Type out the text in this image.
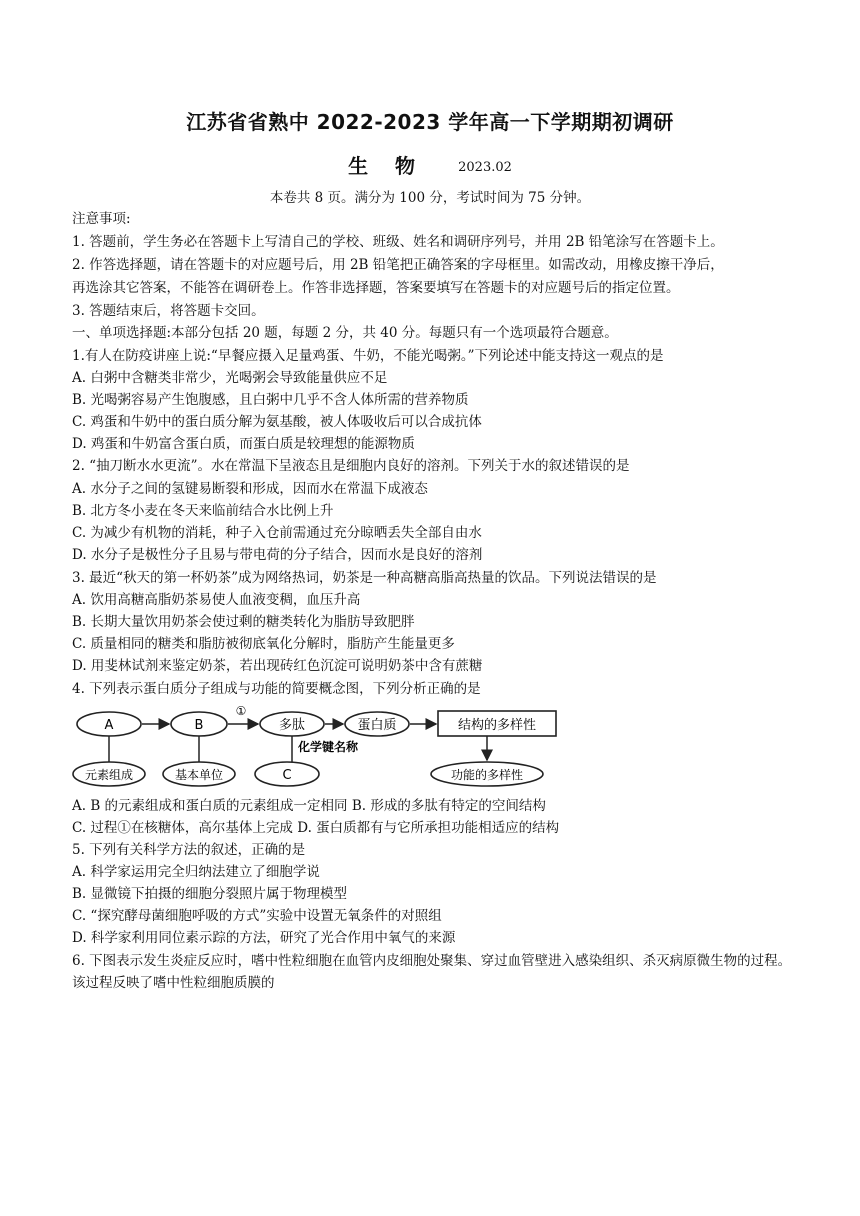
江苏省省熟中 2022-2023 学年高一下学期期初调研
生 物	2023.02
本卷共 8 页。满分为 100 分，考试时间为 75 分钟。
注意事项:
1. 答题前，学生务必在答题卡上写清自己的学校、班级、姓名和调研序列号，并用 2B 铅笔涂写在答题卡上。
2. 作答选择题，请在答题卡的对应题号后，用 2B 铅笔把正确答案的字母框里。如需改动，用橡皮擦干净后，
再选涂其它答案，不能答在调研卷上。作答非选择题，答案要填写在答题卡的对应题号后的指定位置。
3. 答题结束后，将答题卡交回。
一、单项选择题:本部分包括 20 题，每题 2 分，共 40 分。每题只有一个选项最符合题意。
1.有人在防疫讲座上说:“早餐应摄入足量鸡蛋、牛奶，不能光喝粥。”下列论述中能支持这一观点的是
A. 白粥中含糖类非常少，光喝粥会导致能量供应不足
B. 光喝粥容易产生饱腹感，且白粥中几乎不含人体所需的营养物质
C. 鸡蛋和牛奶中的蛋白质分解为氨基酸，被人体吸收后可以合成抗体
D. 鸡蛋和牛奶富含蛋白质，而蛋白质是较理想的能源物质
2. “抽刀断水水更流”。水在常温下呈液态且是细胞内良好的溶剂。下列关于水的叙述错误的是
A. 水分子之间的氢键易断裂和形成，因而水在常温下成液态
B. 北方冬小麦在冬天来临前结合水比例上升
C. 为减少有机物的消耗，种子入仓前需通过充分晾晒丢失全部自由水
D. 水分子是极性分子且易与带电荷的分子结合，因而水是良好的溶剂
3. 最近“秋天的第一杯奶茶”成为网络热词，奶茶是一种高糖高脂高热量的饮品。下列说法错误的是
A. 饮用高糖高脂奶茶易使人血液变稠，血压升高
B. 长期大量饮用奶茶会使过剩的糖类转化为脂肪导致肥胖
C. 质量相同的糖类和脂肪被彻底氧化分解时，脂肪产生能量更多
D. 用斐林试剂来鉴定奶茶，若出现砖红色沉淀可说明奶茶中含有蔗糖
4. 下列表示蛋白质分子组成与功能的简要概念图，下列分析正确的是
A	B	多肽	蛋白质	结构的多样性
①
化学键名称
元素组成	基本单位	C	功能的多样性
A. B 的元素组成和蛋白质的元素组成一定相同 B. 形成的多肽有特定的空间结构
C. 过程①在核糖体，高尔基体上完成 D. 蛋白质都有与它所承担功能相适应的结构
5. 下列有关科学方法的叙述，正确的是
A. 科学家运用完全归纳法建立了细胞学说
B. 显微镜下拍摄的细胞分裂照片属于物理模型
C. “探究酵母菌细胞呼吸的方式”实验中设置无氧条件的对照组
D. 科学家利用同位素示踪的方法，研究了光合作用中氧气的来源
6. 下图表示发生炎症反应时，嗜中性粒细胞在血管内皮细胞处聚集、穿过血管壁进入感染组织、杀灭病原微生物的过程。该过程反映了嗜中性粒细胞质膜的
